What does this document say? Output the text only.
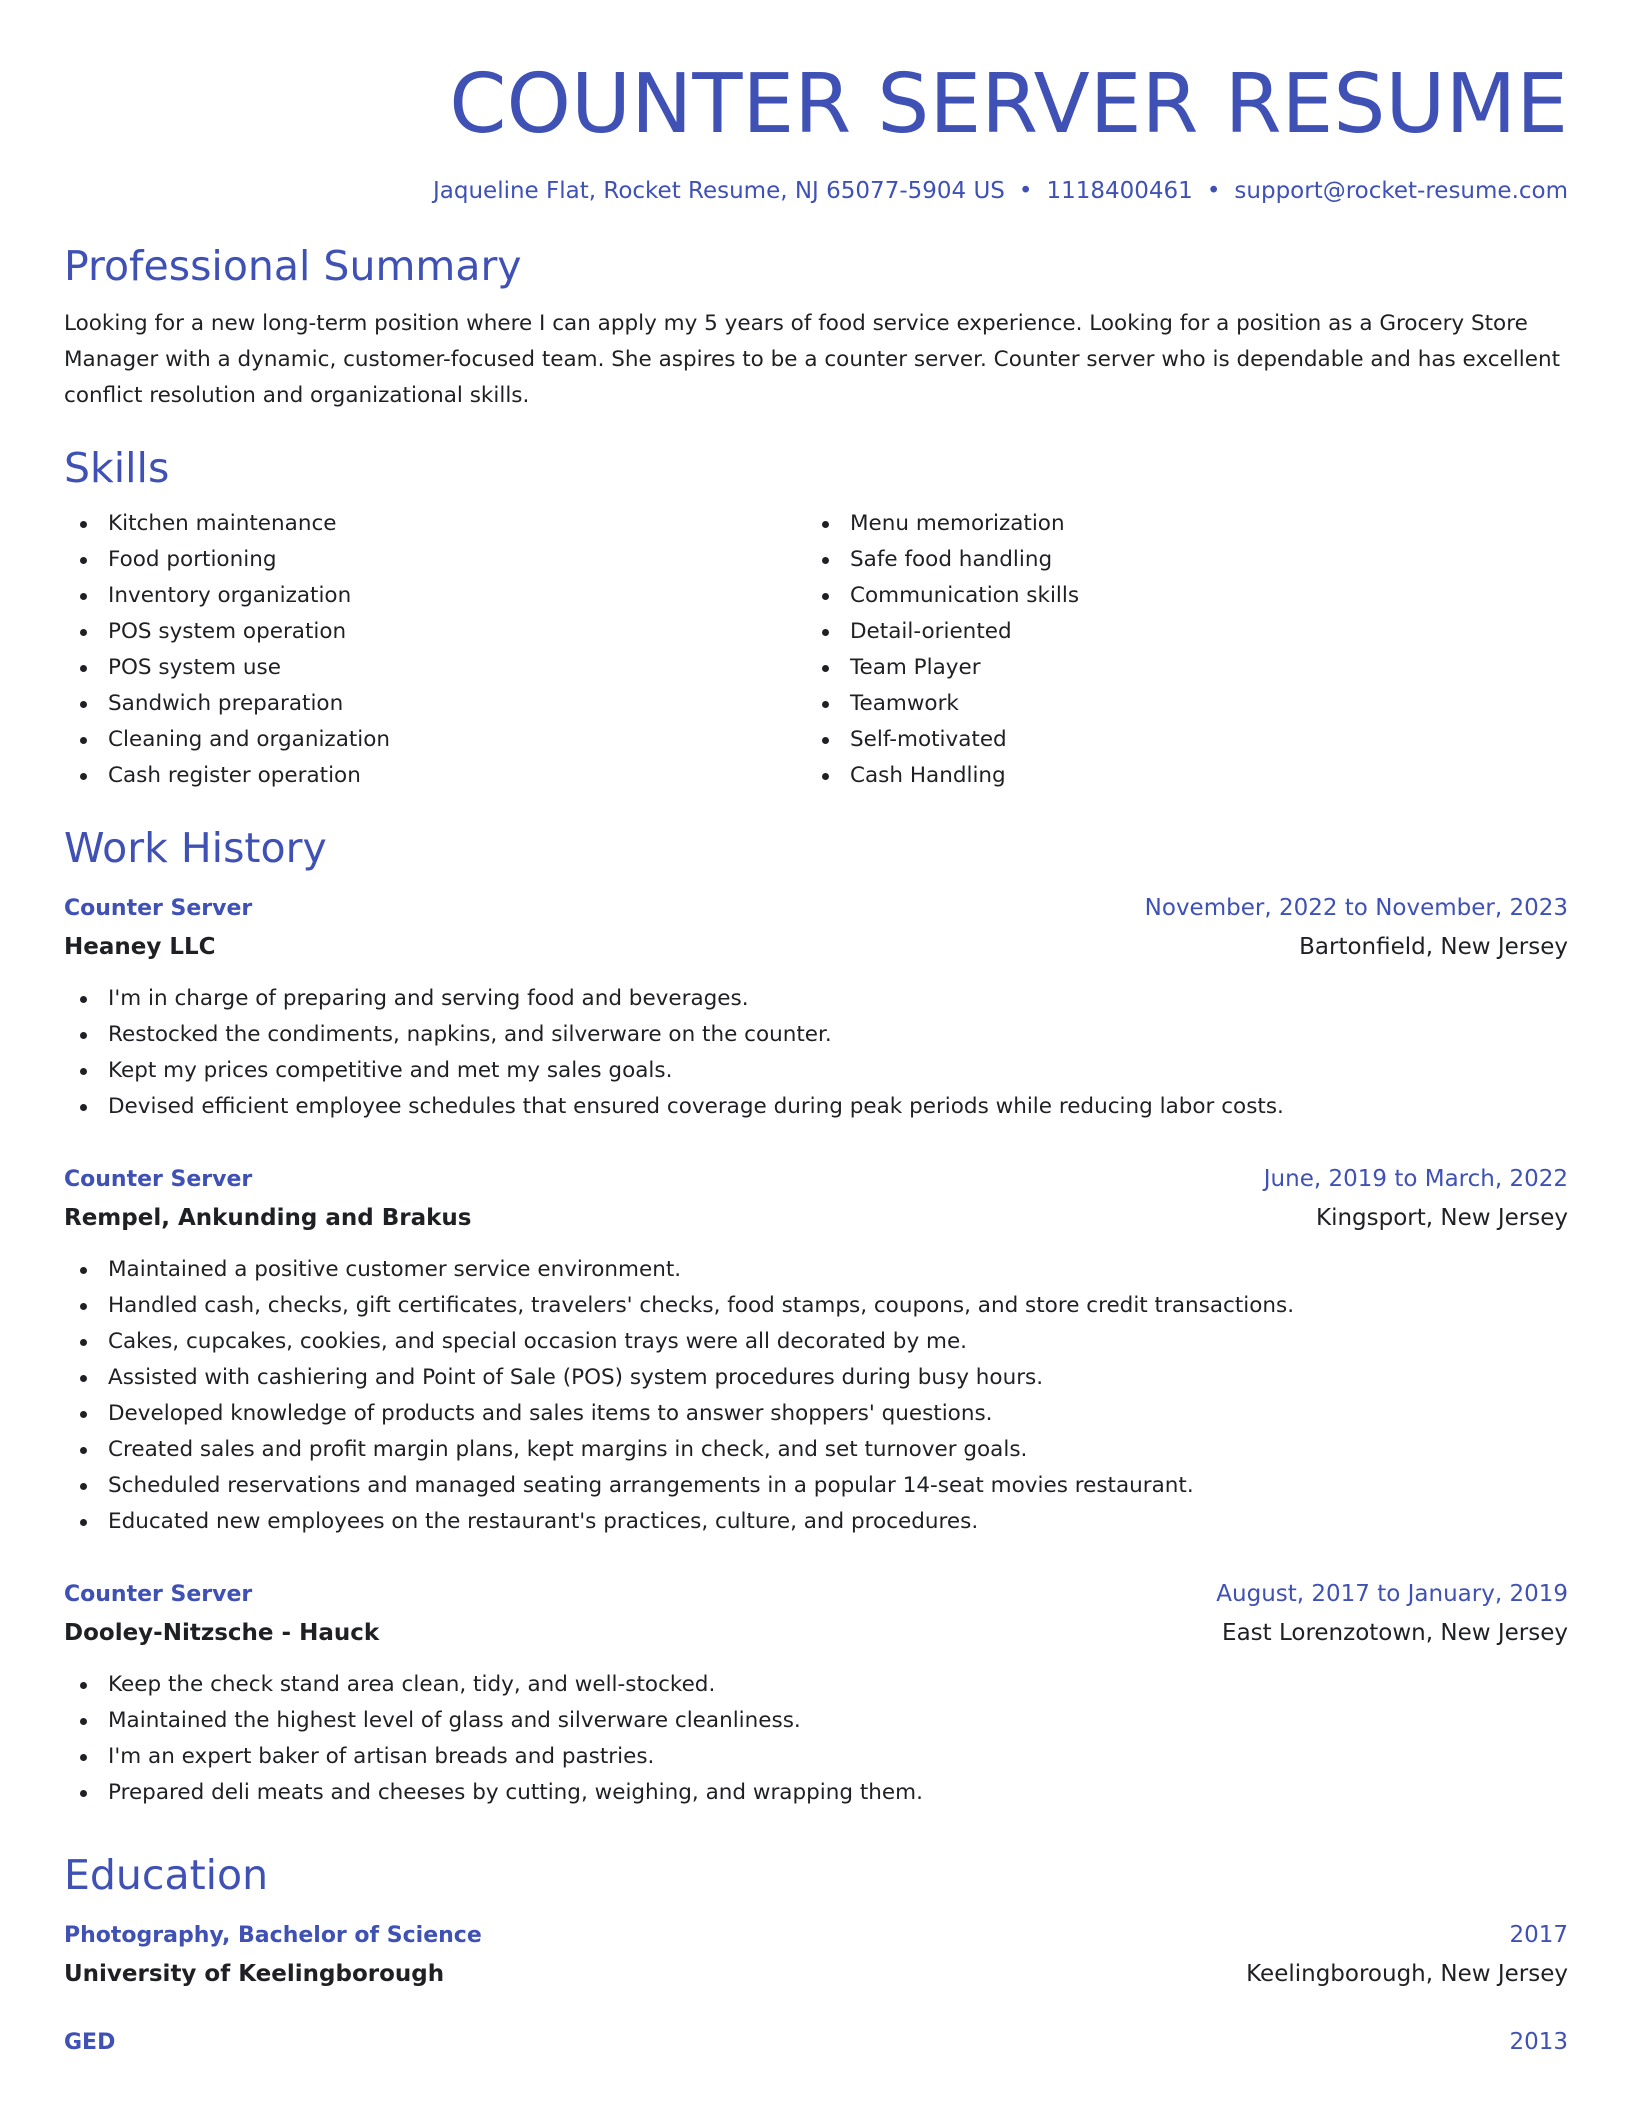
COUNTER SERVER RESUME
Jaqueline Flat, Rocket Resume, NJ 65077-5904 US • 1118400461 • support@rocket-resume.com
Professional Summary

Looking for a new long-term position where I can apply my 5 years of food service experience. Looking for a position as a Grocery Store Manager with a dynamic, customer-focused team. She aspires to be a counter server. Counter server who is dependable and has excellent conflict resolution and organizational skills.

Skills
Kitchen maintenance
Food portioning
Inventory organization
POS system operation
POS system use
Sandwich preparation
Cleaning and organization
Cash register operation
Menu memorization
Safe food handling
Communication skills
Detail-oriented
Team Player
Teamwork
Self-motivated
Cash Handling
Work History
Counter Server	November, 2022 to November, 2023
Heaney LLC	Bartonfield, New Jersey
I'm in charge of preparing and serving food and beverages.
Restocked the condiments, napkins, and silverware on the counter.
Kept my prices competitive and met my sales goals.
Devised efficient employee schedules that ensured coverage during peak periods while reducing labor costs.
Counter Server	June, 2019 to March, 2022
Rempel, Ankunding and Brakus	Kingsport, New Jersey
Maintained a positive customer service environment.
Handled cash, checks, gift certificates, travelers' checks, food stamps, coupons, and store credit transactions.
Cakes, cupcakes, cookies, and special occasion trays were all decorated by me.
Assisted with cashiering and Point of Sale (POS) system procedures during busy hours.
Developed knowledge of products and sales items to answer shoppers' questions.
Created sales and profit margin plans, kept margins in check, and set turnover goals.
Scheduled reservations and managed seating arrangements in a popular 14-seat movies restaurant.
Educated new employees on the restaurant's practices, culture, and procedures.
Counter Server	August, 2017 to January, 2019
Dooley-Nitzsche - Hauck	East Lorenzotown, New Jersey
Keep the check stand area clean, tidy, and well-stocked.
Maintained the highest level of glass and silverware cleanliness.
I'm an expert baker of artisan breads and pastries.
Prepared deli meats and cheeses by cutting, weighing, and wrapping them.
Education
Photography, Bachelor of Science	2017
University of Keelingborough	Keelingborough, New Jersey
GED	2013
